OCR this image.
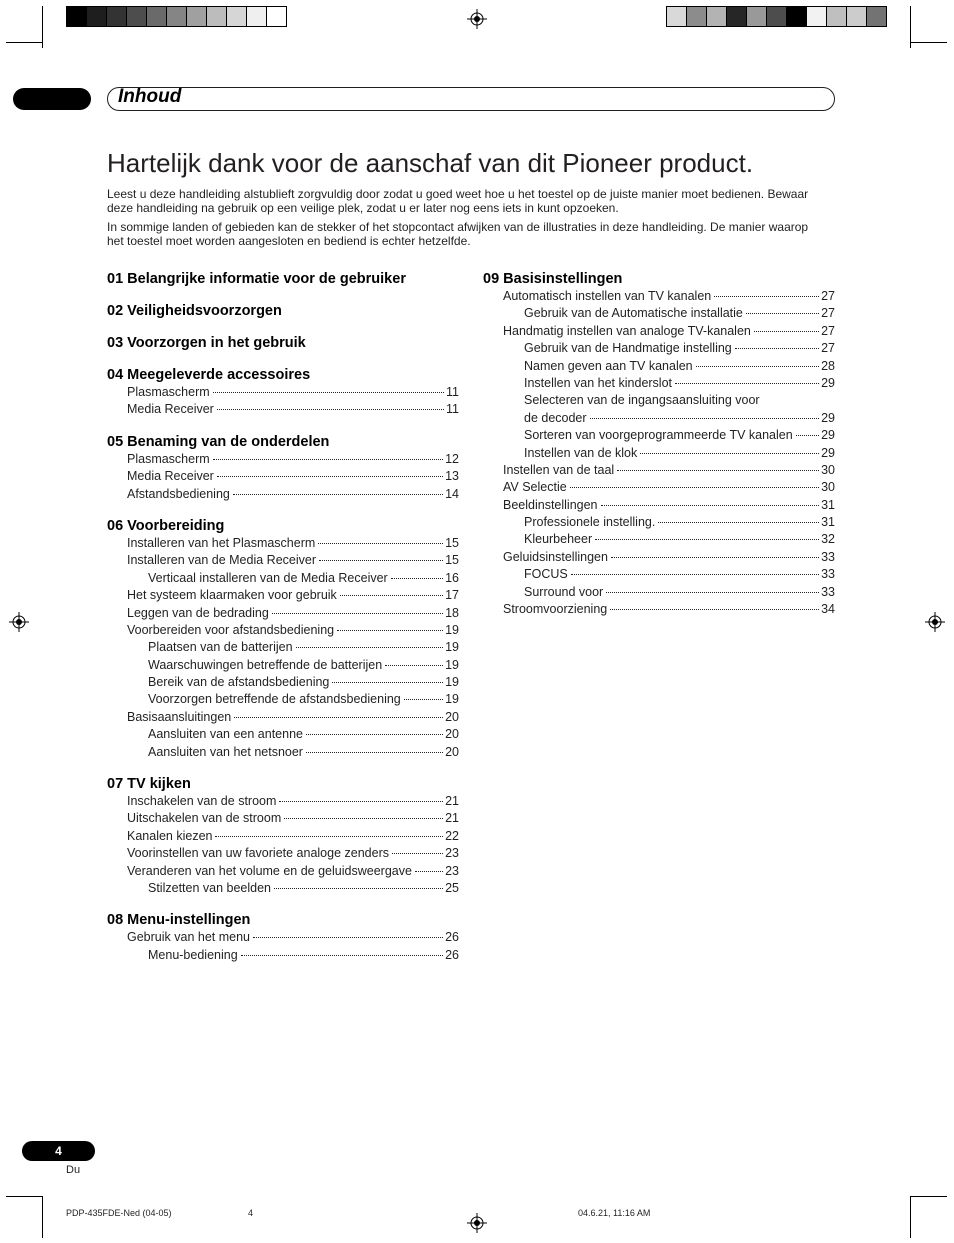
Inhoud
Hartelijk dank voor de aanschaf van dit Pioneer product.

Leest u deze handleiding alstublieft zorgvuldig door zodat u goed weet hoe u het toestel op de juiste manier moet bedienen. Bewaar deze handleiding na gebruik op een veilige plek, zodat u er later nog eens iets in kunt opzoeken.

In sommige landen of gebieden kan de stekker of het stopcontact afwijken van de illustraties in deze handleiding. De manier waarop het toestel moet worden aangesloten en bediend is echter hetzelfde.

01 Belangrijke informatie voor de gebruiker
02 Veiligheidsvoorzorgen
03 Voorzorgen in het gebruik
04 Meegeleverde accessoires
Plasmascherm	11
Media Receiver	11
05 Benaming van de onderdelen
Plasmascherm	12
Media Receiver	13
Afstandsbediening	14
06 Voorbereiding
Installeren van het Plasmascherm	15
Installeren van de Media Receiver	15
Verticaal installeren van de Media Receiver	16
Het systeem klaarmaken voor gebruik	17
Leggen van de bedrading	18
Voorbereiden voor afstandsbediening	19
Plaatsen van de batterijen	19
Waarschuwingen betreffende de batterijen	19
Bereik van de afstandsbediening	19
Voorzorgen betreffende de afstandsbediening	19
Basisaansluitingen	20
Aansluiten van een antenne	20
Aansluiten van het netsnoer	20
07 TV kijken
Inschakelen van de stroom	21
Uitschakelen van de stroom	21
Kanalen kiezen	22
Voorinstellen van uw favoriete analoge zenders	23
Veranderen van het volume en de geluidsweergave	23
Stilzetten van beelden	25
08 Menu-instellingen
Gebruik van het menu	26
Menu-bediening	26
09 Basisinstellingen
Automatisch instellen van TV kanalen	27
Gebruik van de Automatische installatie	27
Handmatig instellen van analoge TV-kanalen	27
Gebruik van de Handmatige instelling	27
Namen geven aan TV kanalen	28
Instellen van het kinderslot	29
Selecteren van de ingangsaansluiting voor
de decoder	29
Sorteren van voorgeprogrammeerde TV kanalen 29
Instellen van de klok	29
Instellen van de taal	30
AV Selectie	30
Beeldinstellingen	31
Professionele instelling.	31
Kleurbeheer	32
Geluidsinstellingen	33
FOCUS	33
Surround voor	33
Stroomvoorziening	34
4
Du
PDP-435FDE-Ned (04-05)	4	04.6.21, 11:16 AM
